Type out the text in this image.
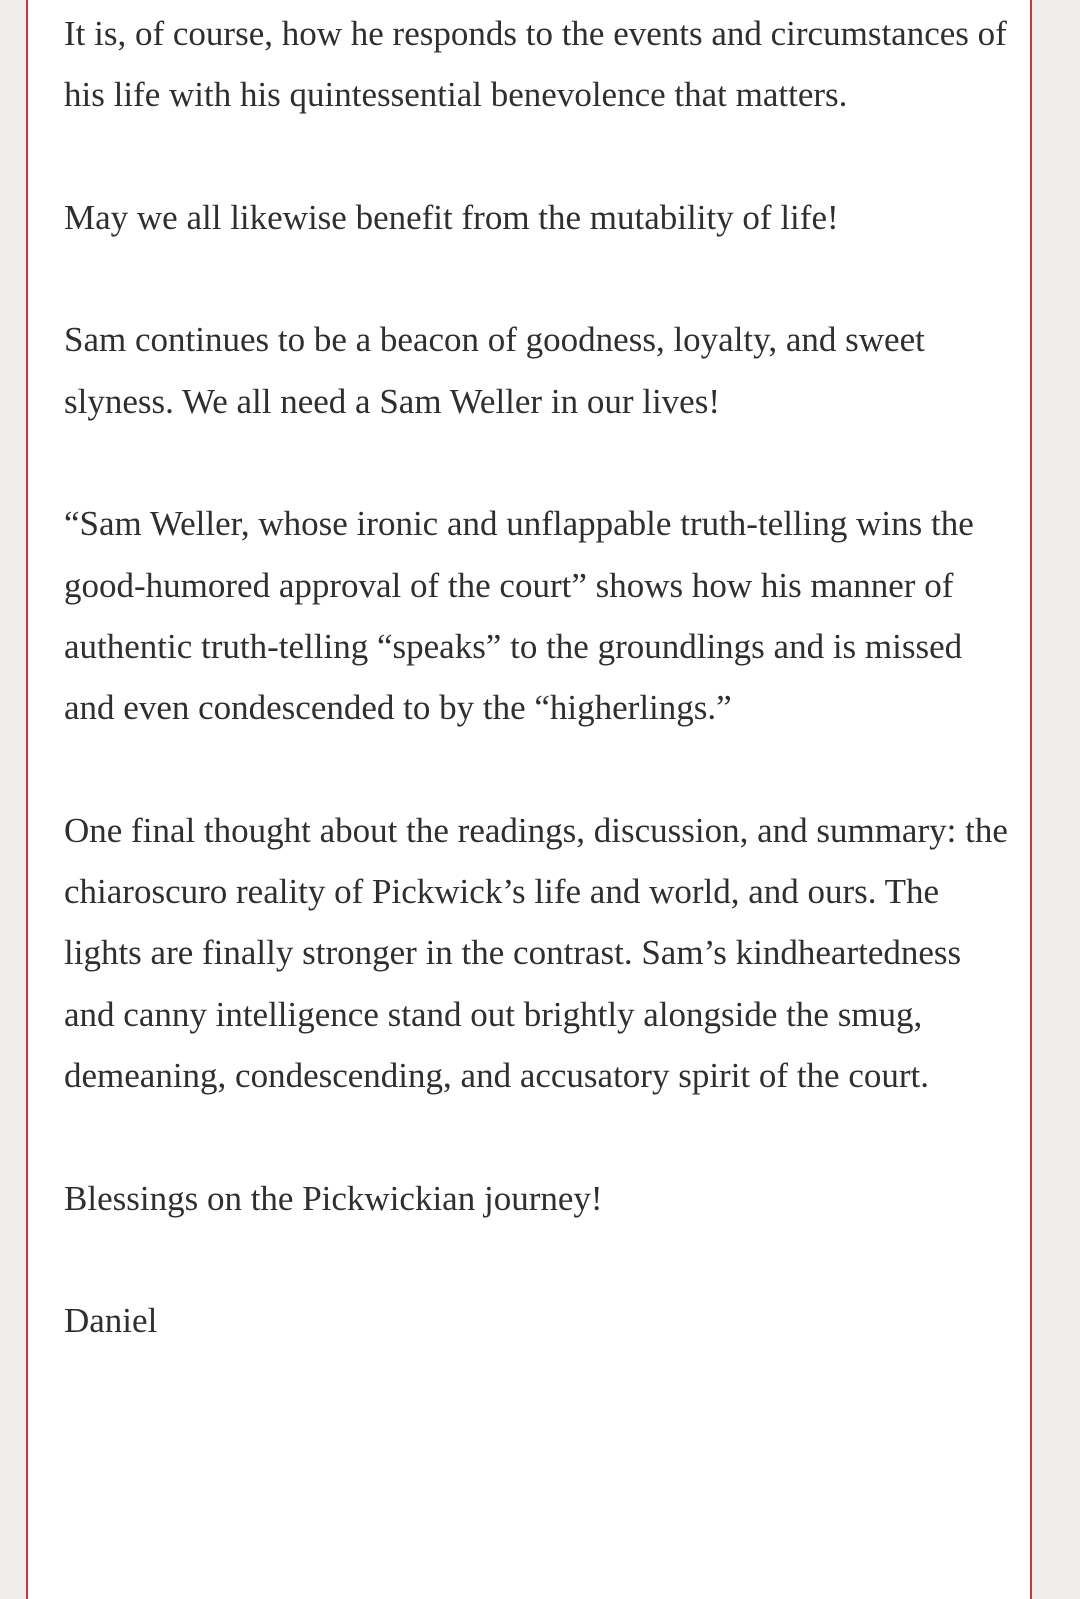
It is, of course, how he responds to the events and circumstances of his life with his quintessential benevolence that matters.

May we all likewise benefit from the mutability of life!

Sam continues to be a beacon of goodness, loyalty, and sweet slyness. We all need a Sam Weller in our lives!

“Sam Weller, whose ironic and unflappable truth-telling wins the good-humored approval of the court” shows how his manner of authentic truth-telling “speaks” to the groundlings and is missed and even condescended to by the “higherlings.”

One final thought about the readings, discussion, and summary: the chiaroscuro reality of Pickwick’s life and world, and ours. The lights are finally stronger in the contrast. Sam’s kindheartedness and canny intelligence stand out brightly alongside the smug, demeaning, condescending, and accusatory spirit of the court.

Blessings on the Pickwickian journey!

Daniel
